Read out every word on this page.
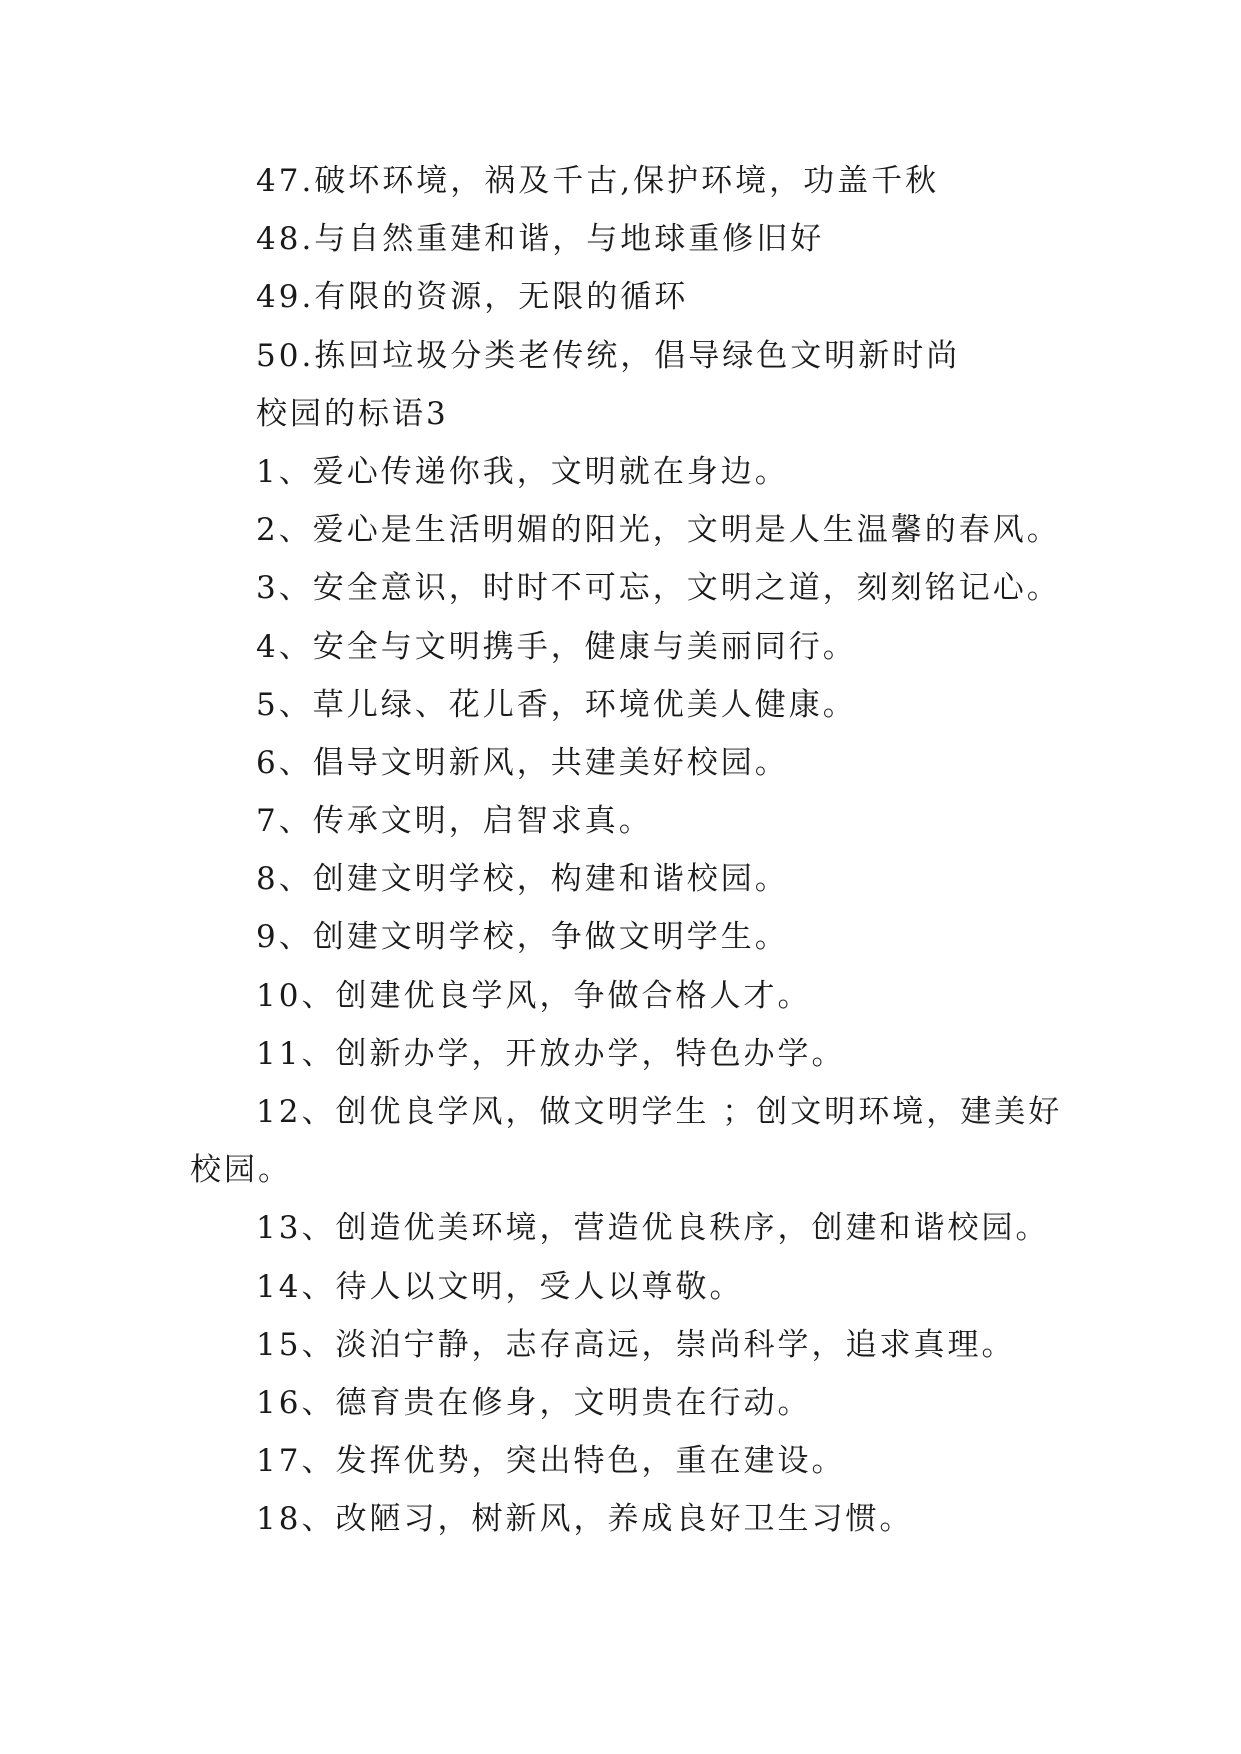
47.破坏环境，祸及千古,保护环境，功盖千秋
48.与自然重建和谐，与地球重修旧好
49.有限的资源，无限的循环
50.拣回垃圾分类老传统，倡导绿色文明新时尚
校园的标语3
1、爱心传递你我，文明就在身边。
2、爱心是生活明媚的阳光，文明是人生温馨的春风。
3、安全意识，时时不可忘，文明之道，刻刻铭记心。
4、安全与文明携手，健康与美丽同行。
5、草儿绿、花儿香，环境优美人健康。
6、倡导文明新风，共建美好校园。
7、传承文明，启智求真。
8、创建文明学校，构建和谐校园。
9、创建文明学校，争做文明学生。
10、创建优良学风，争做合格人才。
11、创新办学，开放办学，特色办学。
12、创优良学风，做文明学生 ；创文明环境，建美好
校园。
13、创造优美环境，营造优良秩序，创建和谐校园。
14、待人以文明，受人以尊敬。
15、淡泊宁静，志存高远，崇尚科学，追求真理。
16、德育贵在修身，文明贵在行动。
17、发挥优势，突出特色，重在建设。
18、改陋习，树新风，养成良好卫生习惯。
